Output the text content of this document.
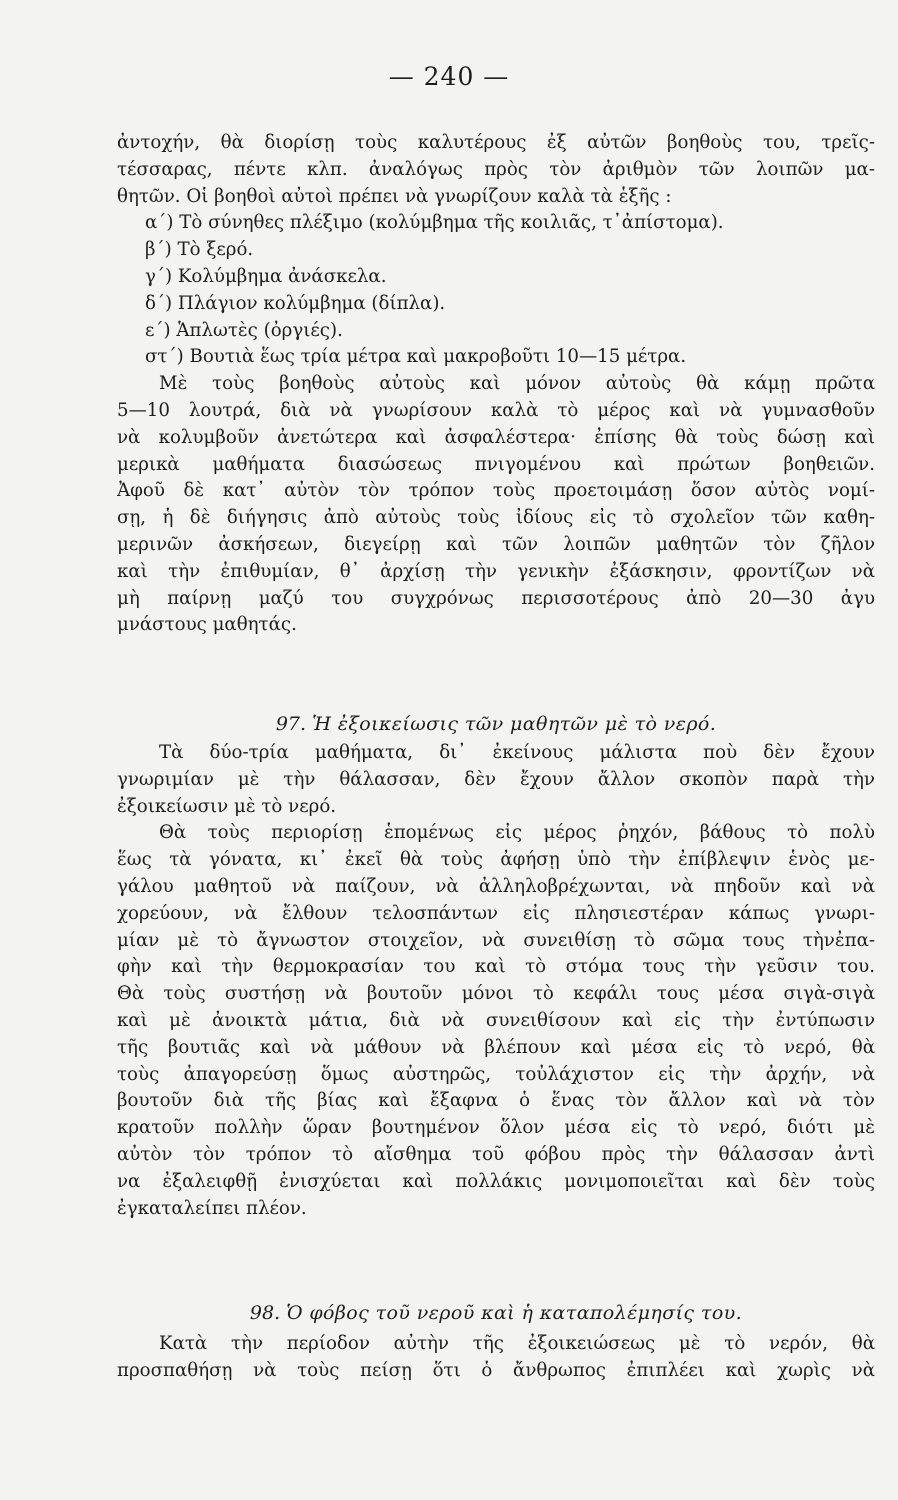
— 240 —
ἀντοχήν, θὰ διορίσῃ τοὺς καλυτέρους ἐξ αὐτῶν βοηθοὺς του, τρεῖς-
τέσσαρας, πέντε κλπ. ἀναλόγως πρὸς τὸν ἀριθμὸν τῶν λοιπῶν μα-
θητῶν. Οἱ βοηθοὶ αὐτοὶ πρέπει νὰ γνωρίζουν καλὰ τὰ ἑξῆς :
α΄) Τὸ σύνηθες πλέξιμο (κολύμβημα τῆς κοιλιᾶς, τ᾽ἀπίστομα).
β΄) Τὸ ξερό.
γ΄) Κολύμβημα ἀνάσκελα.
δ΄) Πλάγιον κολύμβημα (δίπλα).
ε΄) Ἁπλωτὲς (ὀργιές).
στ΄) Βουτιὰ ἕως τρία μέτρα καὶ μακροβοῦτι 10—15 μέτρα.
Μὲ τοὺς βοηθοὺς αὐτοὺς καὶ μόνον αὐτοὺς θὰ κάμῃ πρῶτα
5—10 λουτρά, διὰ νὰ γνωρίσουν καλὰ τὸ μέρος καὶ νὰ γυμνασθοῦν
νὰ κολυμβοῦν ἀνετώτερα καὶ ἀσφαλέστερα· ἐπίσης θὰ τοὺς δώσῃ καὶ
μερικὰ μαθήματα διασώσεως πνιγομένου καὶ πρώτων βοηθειῶν.
Ἀφοῦ δὲ κατ᾽ αὐτὸν τὸν τρόπον τοὺς προετοιμάσῃ ὅσον αὐτὸς νομί-
σῃ, ἡ δὲ διήγησις ἀπὸ αὐτοὺς τοὺς ἰδίους εἰς τὸ σχολεῖον τῶν καθη-
μερινῶν ἀσκήσεων, διεγείρῃ καὶ τῶν λοιπῶν μαθητῶν τὸν ζῆλον
καὶ τὴν ἐπιθυμίαν, θ᾽ ἀρχίσῃ τὴν γενικὴν ἐξάσκησιν, φροντίζων νὰ
μὴ παίρνῃ μαζύ του συγχρόνως περισσοτέρους ἀπὸ 20—30 ἀγυ
μνάστους μαθητάς.
97. Ἡ ἐξοικείωσις τῶν μαθητῶν μὲ τὸ νερό.
Τὰ δύο-τρία μαθήματα, δι᾽ ἐκείνους μάλιστα ποὺ δὲν ἔχουν
γνωριμίαν μὲ τὴν θάλασσαν, δὲν ἔχουν ἄλλον σκοπὸν παρὰ τὴν
ἐξοικείωσιν μὲ τὸ νερό.
Θὰ τοὺς περιορίσῃ ἑπομένως εἰς μέρος ῥηχόν, βάθους τὸ πολὺ
ἕως τὰ γόνατα, κι᾽ ἐκεῖ θὰ τοὺς ἀφήσῃ ὑπὸ τὴν ἐπίβλεψιν ἑνὸς με-
γάλου μαθητοῦ νὰ παίζουν, νὰ ἀλληλοβρέχωνται, νὰ πηδοῦν καὶ νὰ
χορεύουν, νὰ ἔλθουν τελοσπάντων εἰς πλησιεστέραν κάπως γνωρι-
μίαν μὲ τὸ ἄγνωστον στοιχεῖον, νὰ συνειθίσῃ τὸ σῶμα τους τὴνἐπα-
φὴν καὶ τὴν θερμοκρασίαν του καὶ τὸ στόμα τους τὴν γεῦσιν του.
Θὰ τοὺς συστήσῃ νὰ βουτοῦν μόνοι τὸ κεφάλι τους μέσα σιγὰ-σιγὰ
καὶ μὲ ἀνοικτὰ μάτια, διὰ νὰ συνειθίσουν καὶ εἰς τὴν ἐντύπωσιν
τῆς βουτιᾶς καὶ νὰ μάθουν νὰ βλέπουν καὶ μέσα εἰς τὸ νερό, θὰ
τοὺς ἀπαγορεύσῃ ὅμως αὐστηρῶς, τοὐλάχιστον εἰς τὴν ἀρχήν, νὰ
βουτοῦν διὰ τῆς βίας καὶ ἔξαφνα ὁ ἕνας τὸν ἄλλον καὶ νὰ τὸν
κρατοῦν πολλὴν ὥραν βουτημένον ὅλον μέσα εἰς τὸ νερό, διότι μὲ
αὐτὸν τὸν τρόπον τὸ αἴσθημα τοῦ φόβου πρὸς τὴν θάλασσαν ἀντὶ
να ἐξαλειφθῇ ἐνισχύεται καὶ πολλάκις μονιμοποιεῖται καὶ δὲν τοὺς
ἐγκαταλείπει πλέον.
98. Ὁ φόβος τοῦ νεροῦ καὶ ἡ καταπολέμησίς του.
Κατὰ τὴν περίοδον αὐτὴν τῆς ἐξοικειώσεως μὲ τὸ νερόν, θὰ
προσπαθήσῃ νὰ τοὺς πείσῃ ὅτι ὁ ἄνθρωπος ἐπιπλέει καὶ χωρὶς νὰ
